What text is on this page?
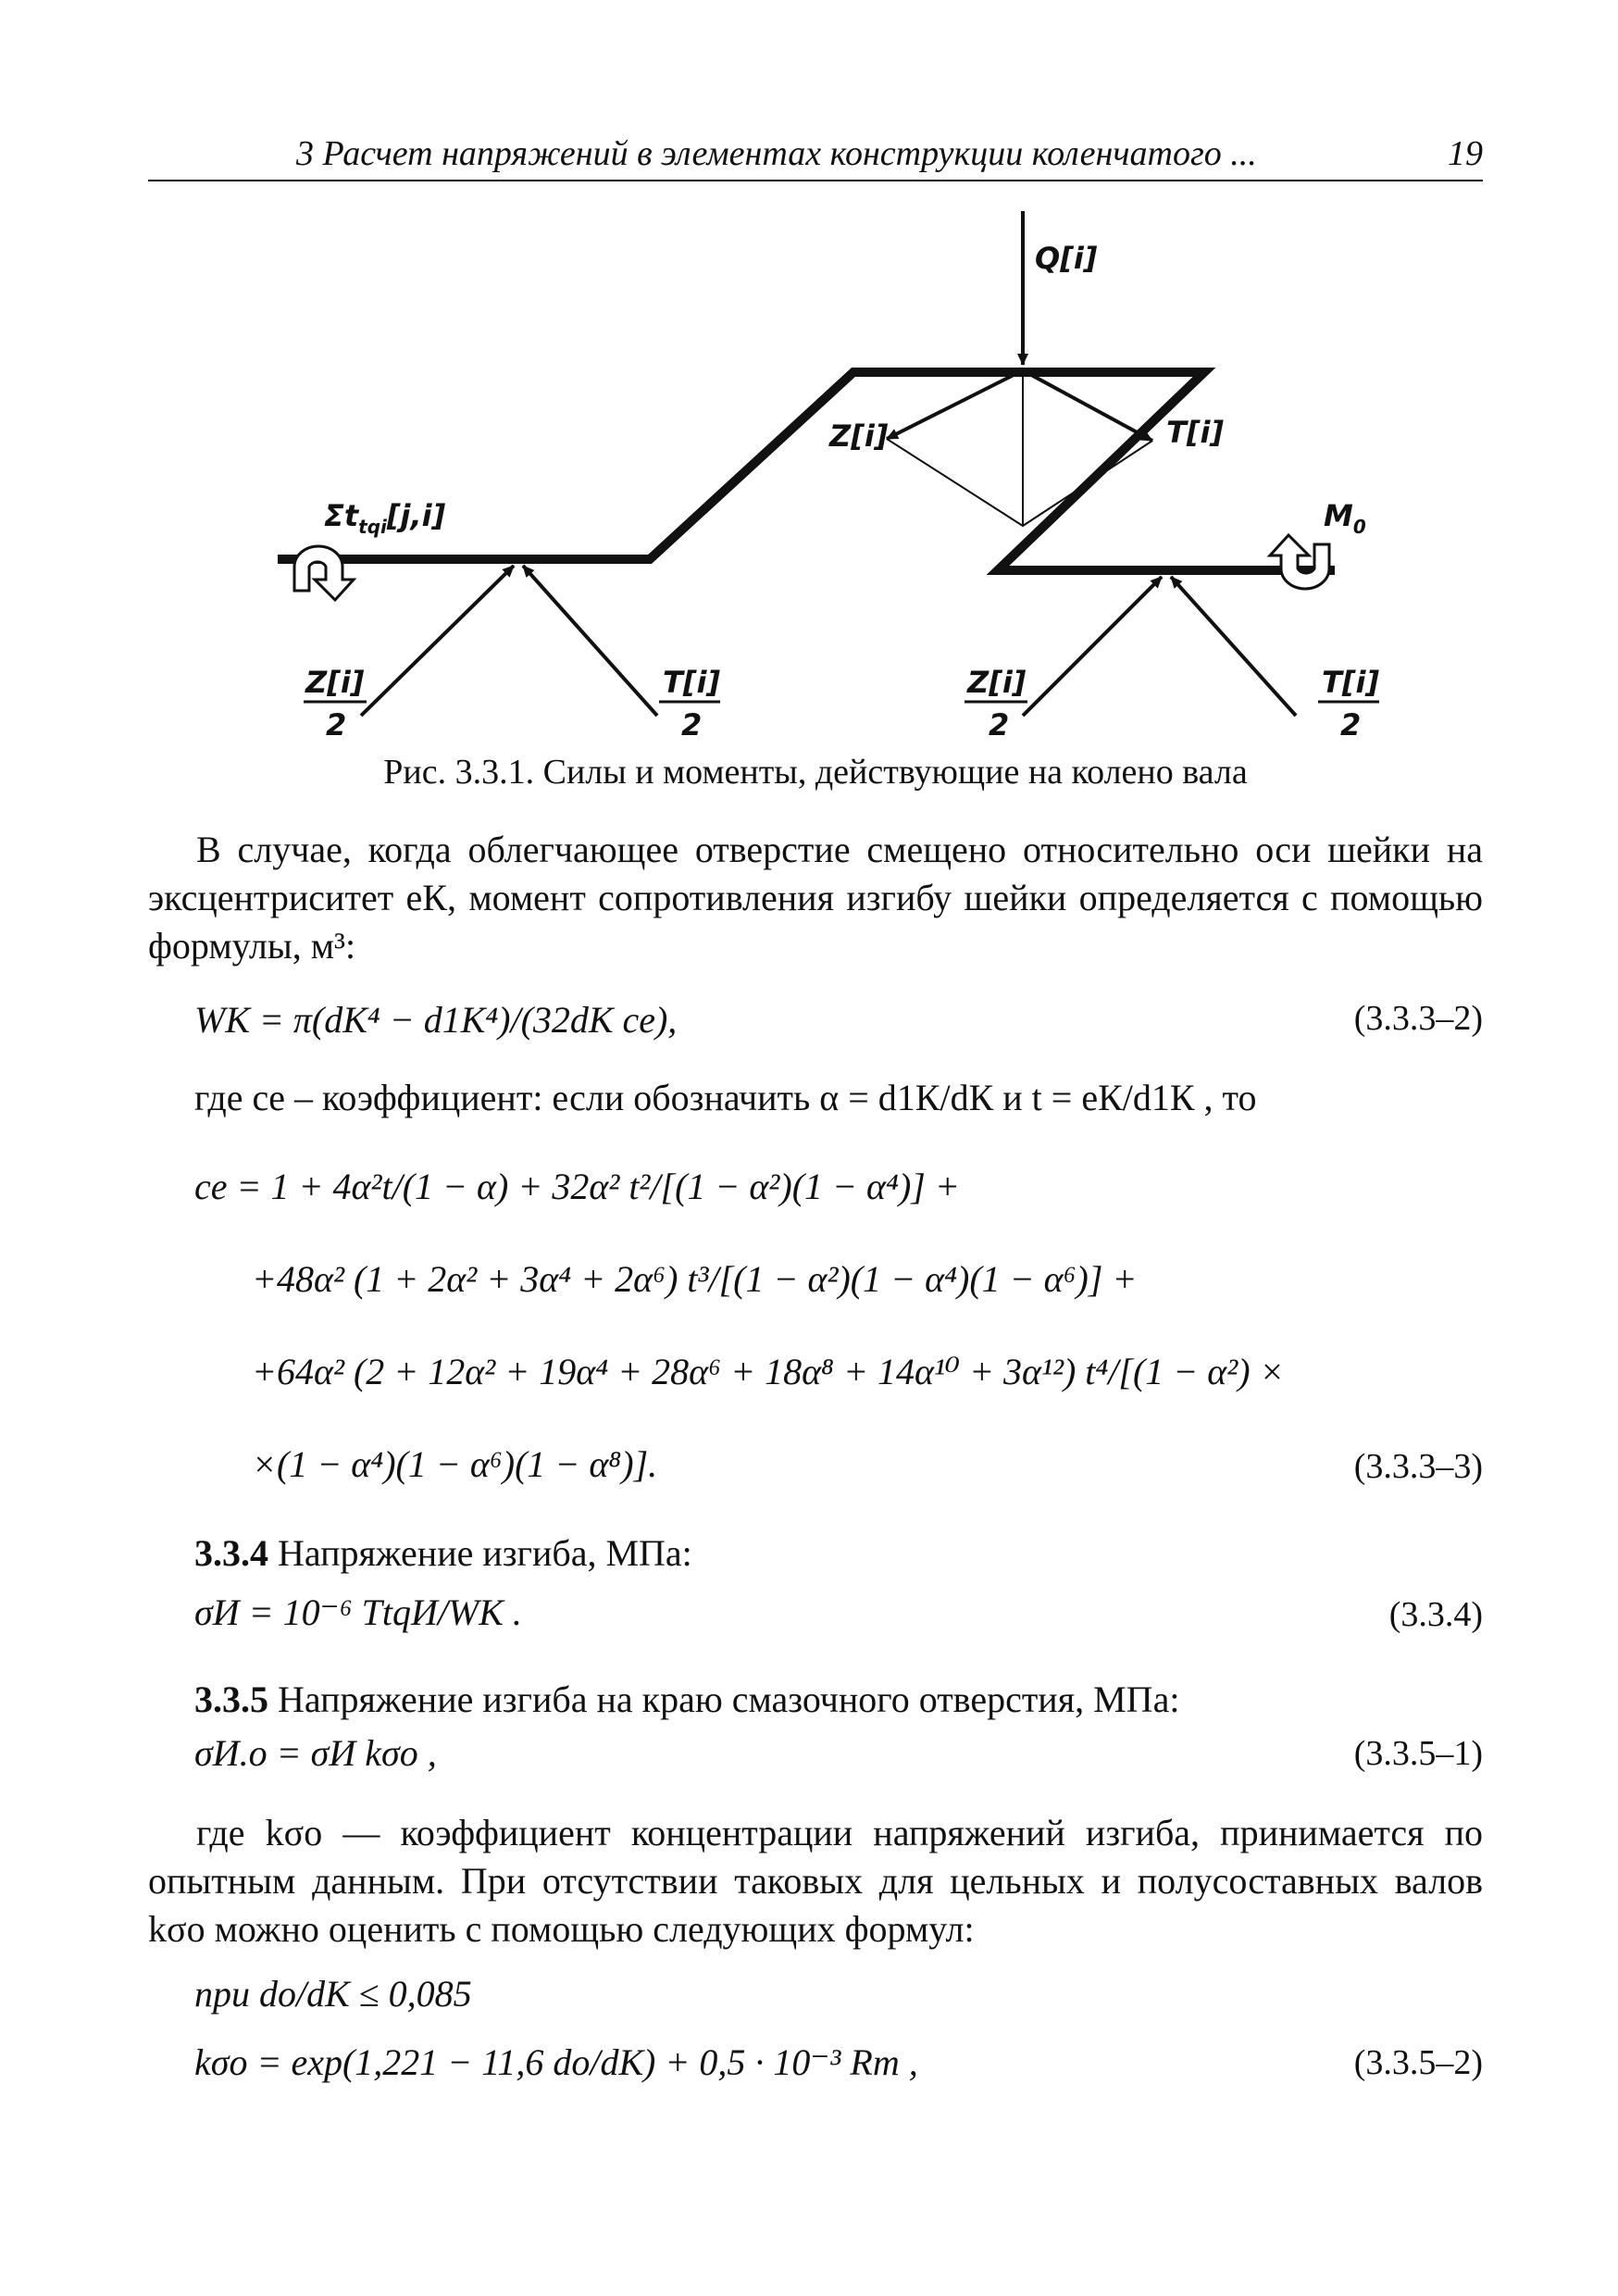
3 Расчет напряжений в элементах конструкции коленчатого ...	19
Q[i]
Z[i]	T[i]
$\Sigma t_{tqi}[j,i]$	$M_0$
Z[i]
2
T[i]
2
Z[i]
2
T[i]
2
Рис. 3.3.1. Силы и моменты, действующие на колено вала
В случае, когда облегчающее отверстие смещено относительно оси шейки на эксцентриситет eК, момент сопротивления изгибу шейки определяется с помощью формулы, м³:
WК = π(dК⁴ − d1К⁴)/(32dК ce),	(3.3.3–2)
где ce – коэффициент: если обозначить α = d1К/dК и t = eК/d1К , то
ce = 1 + 4α²t/(1 − α) + 32α² t²/[(1 − α²)(1 − α⁴)] +
+48α² (1 + 2α² + 3α⁴ + 2α⁶) t³/[(1 − α²)(1 − α⁴)(1 − α⁶)] +
+64α² (2 + 12α² + 19α⁴ + 28α⁶ + 18α⁸ + 14α¹⁰ + 3α¹²) t⁴/[(1 − α²) ×
×(1 − α⁴)(1 − α⁶)(1 − α⁸)].	(3.3.3–3)
3.3.4 Напряжение изгиба, МПа:
σИ = 10⁻⁶ TtqИ/WК .	(3.3.4)
3.3.5 Напряжение изгиба на краю смазочного отверстия, МПа:
σИ.о = σИ kσо ,	(3.3.5–1)
где kσо — коэффициент концентрации напряжений изгиба, принимается по опытным данным. При отсутствии таковых для цельных и полусоставных валов kσо можно оценить с помощью следующих формул:
при do/dК ≤ 0,085
kσо = exp(1,221 − 11,6 do/dК) + 0,5 · 10⁻³ Rm ,	(3.3.5–2)
